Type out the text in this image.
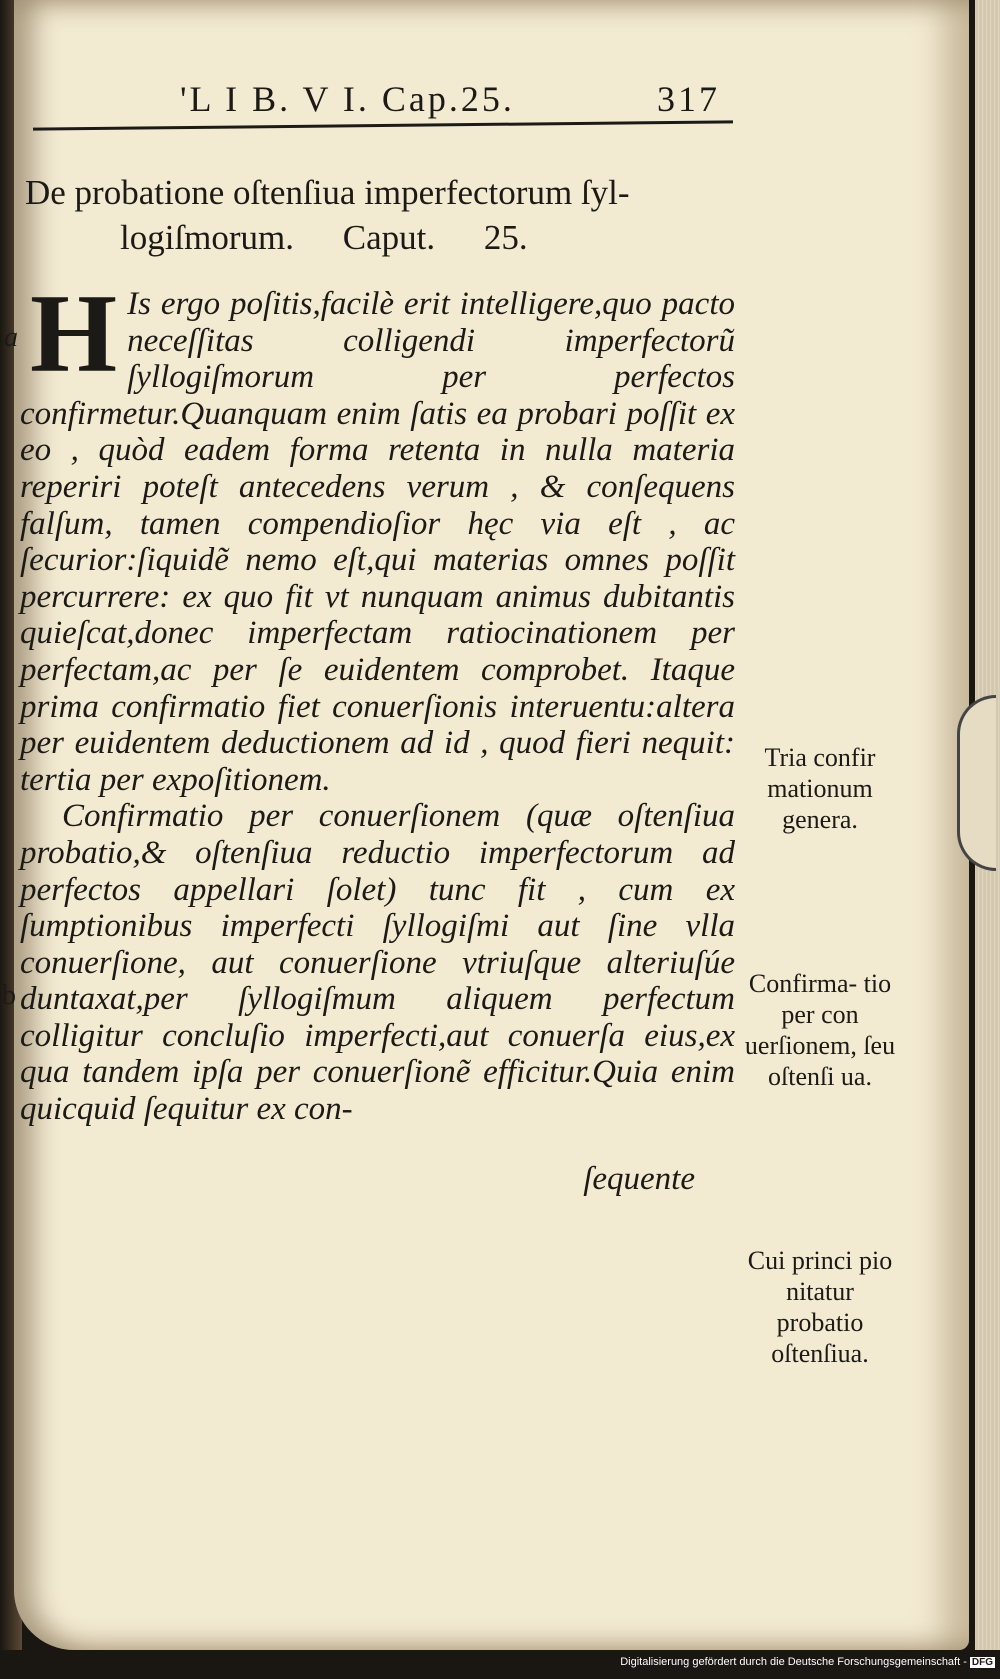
'L I B. V I. Cap.25.	317
De probatione oſtenſiua imperfectorum ſyl-
logiſmorum. Caput. 25.
a
b

H Is ergo poſitis,facilè erit intelligere,quo pacto neceſſitas colligendi imperfectorũ ſyllogiſmorum per perfectos confirmetur.Quanquam enim ſatis ea probari poſſit ex eo , quòd eadem forma retenta in nulla materia reperiri poteſt antecedens verum , & conſequens falſum, tamen compendioſior hęc via eſt , ac ſecurior:ſiquidẽ nemo eſt,qui materias omnes poſſit percurrere: ex quo fit vt nunquam animus dubitantis quieſcat,donec imperfectam ratiocinationem per perfectam,ac per ſe euidentem comprobet. Itaque prima confirmatio fiet conuerſionis interuentu:altera per euidentem deductionem ad id , quod fieri nequit: tertia per expoſitionem.

Confirmatio per conuerſionem (quæ oſtenſiua probatio,& oſtenſiua reductio imperfectorum ad perfectos appellari ſolet) tunc fit , cum ex ſumptionibus imperfecti ſyllogiſmi aut ſine vlla conuerſione, aut conuerſione vtriuſque alteriuſúe duntaxat,per ſyllogiſmum aliquem perfectum colligitur concluſio imperfecti,aut conuerſa eius,ex qua tandem ipſa per conuerſionẽ efficitur.Quia enim quicquid ſequitur ex con-

ſequente

Tria confir mationum genera.
Confirma- tio per con uerſionem, ſeu oſtenſi ua.
Cui princi pio nitatur probatio oſtenſiua.
Digitalisierung gefördert durch die Deutsche Forschungsgemeinschaft - DFG
